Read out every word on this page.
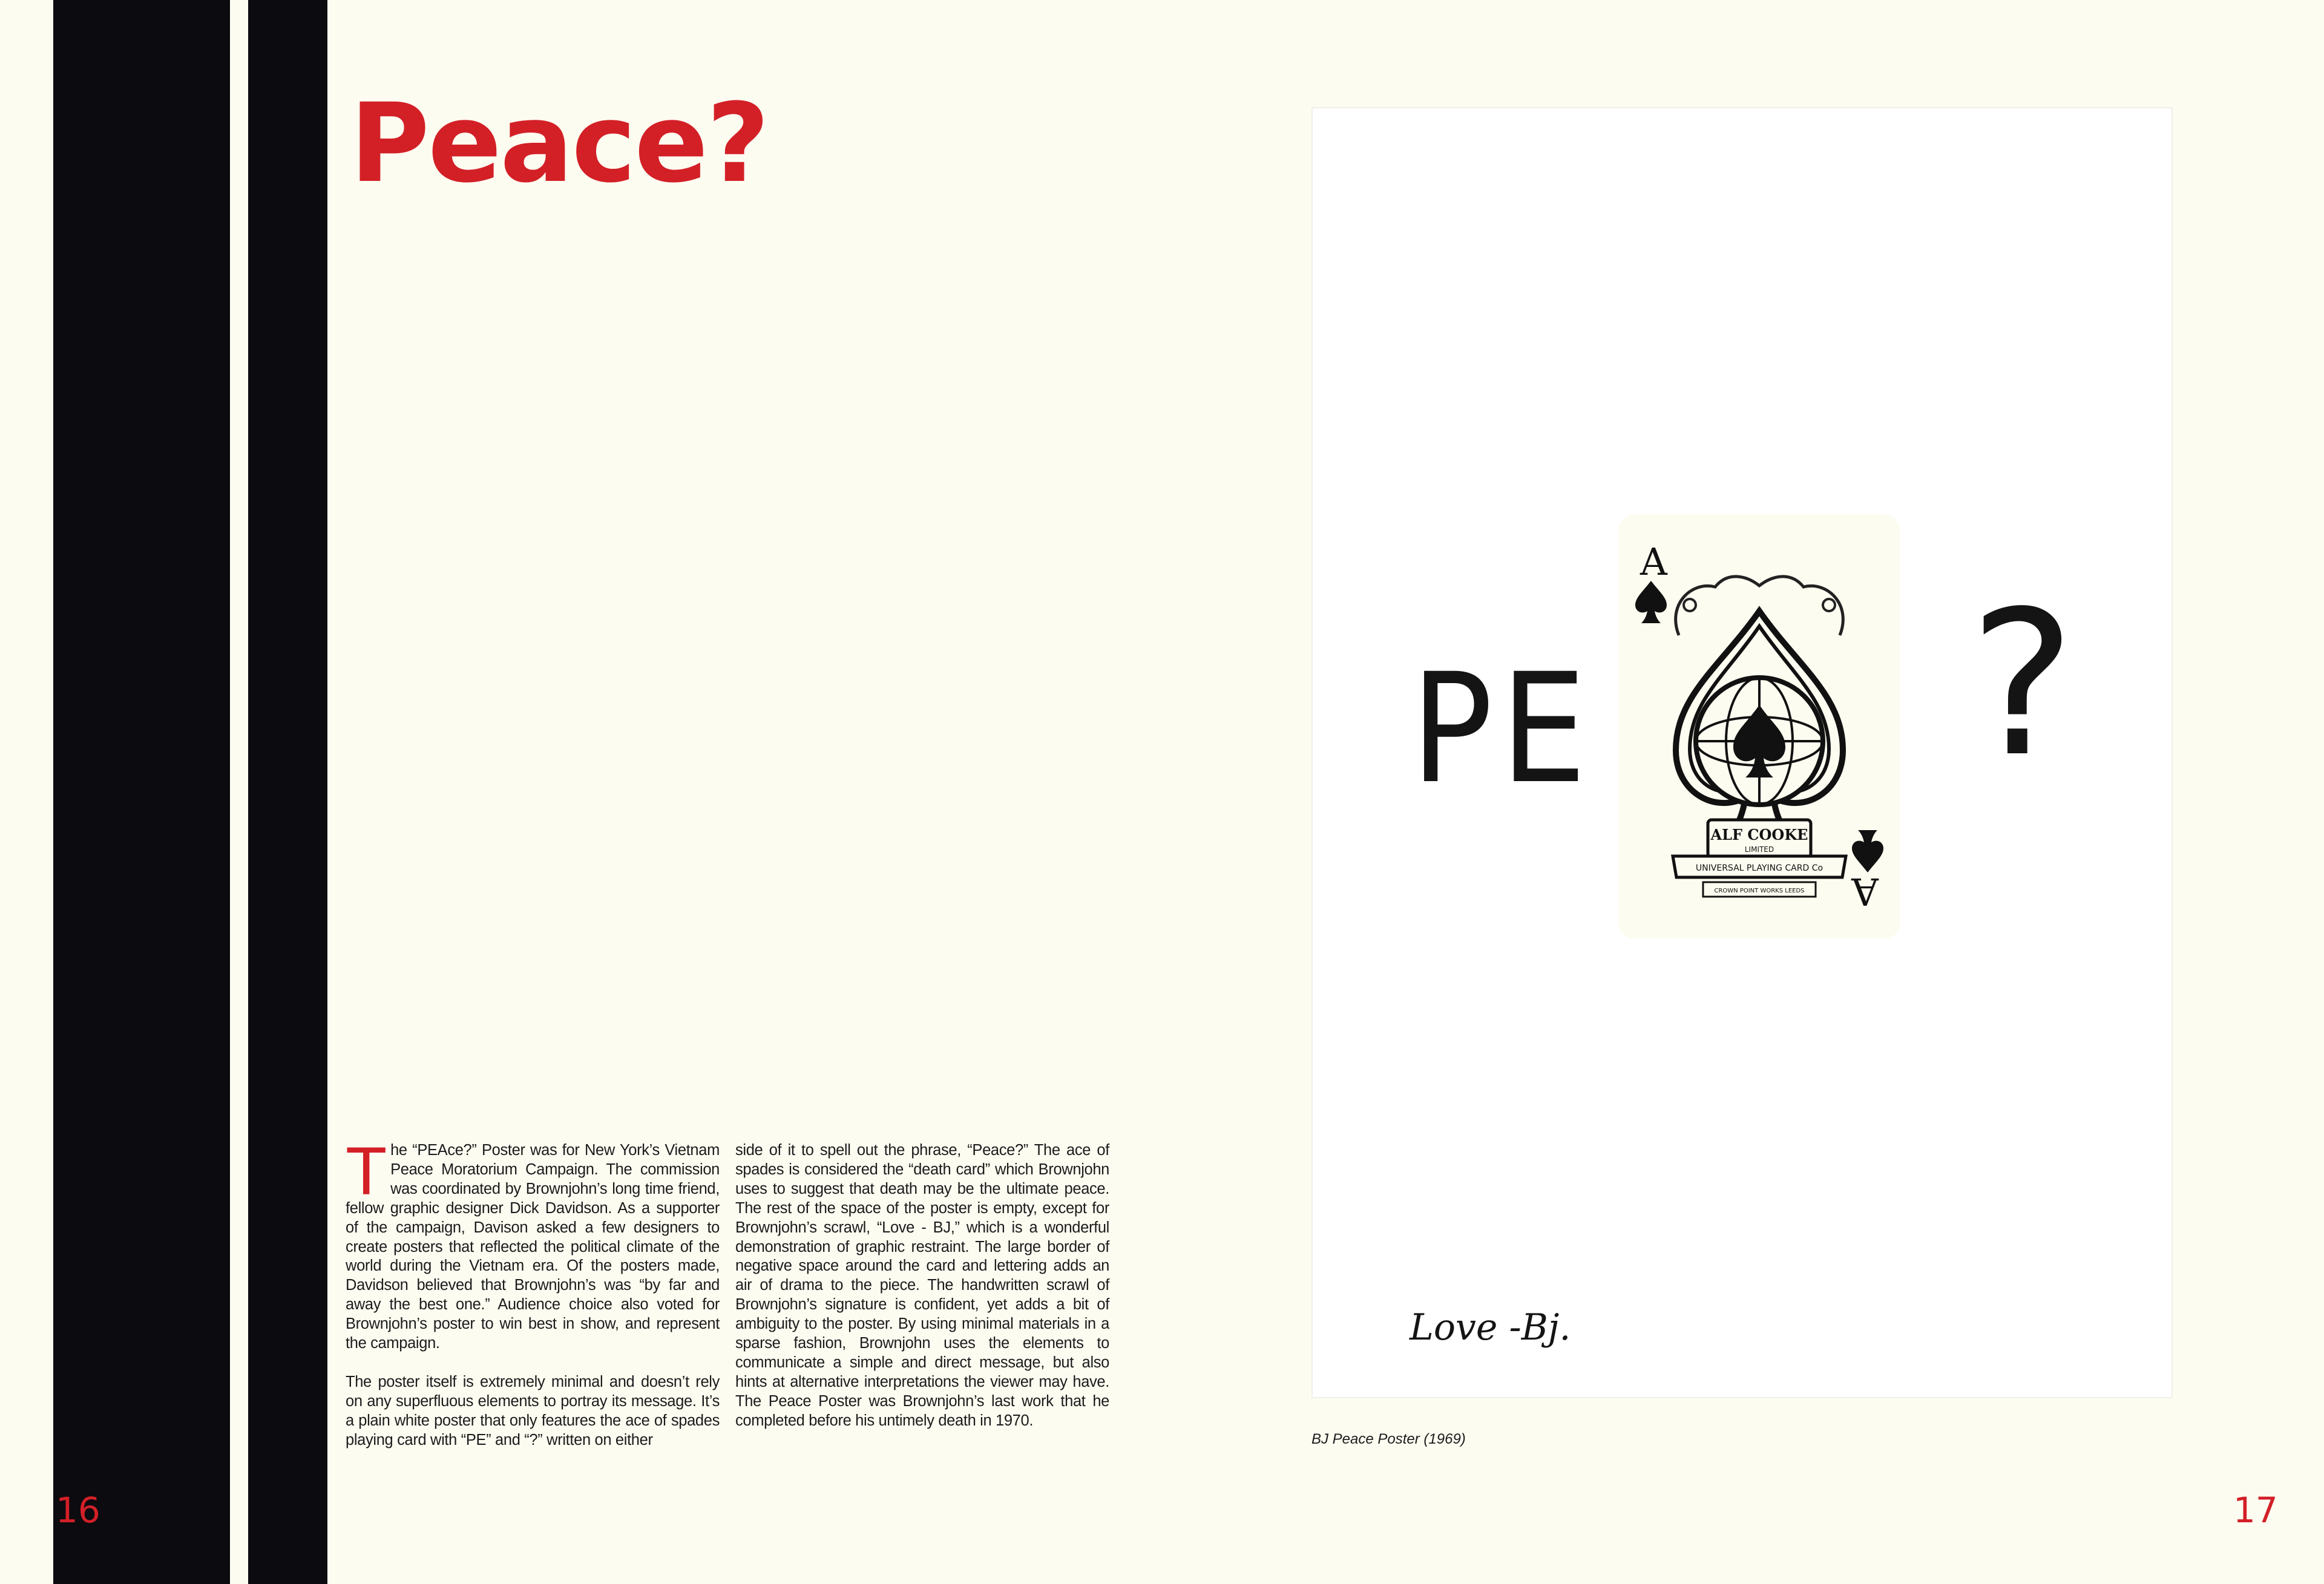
Peace?

The “PEAce?” Poster was for New York’s Vietnam Peace Moratorium Campaign. The commission was coordinated by Brownjohn’s long time friend, fellow graphic designer Dick Davidson. As a supporter of the campaign, Davison asked a few designers to create posters that reflected the political climate of the world during the Vietnam era. Of the posters made, Davidson believed that Brownjohn’s was “by far and away the best one.” Audience choice also voted for Brownjohn’s poster to win best in show, and represent the campaign.

The poster itself is extremely minimal and doesn’t rely on any superfluous elements to portray its message. It’s a plain white poster that only features the ace of spades playing card with “PE” and “?” written on either

side of it to spell out the phrase, “Peace?” The ace of spades is considered the “death card” which Brownjohn uses to suggest that death may be the ultimate peace. The rest of the space of the poster is empty, except for Brownjohn’s scrawl, “Love - BJ,” which is a wonderful demonstration of graphic restraint. The large border of negative space around the card and lettering adds an air of drama to the piece. The handwritten scrawl of Brownjohn’s signature is confident, yet adds a bit of ambiguity to the poster. By using minimal materials in a sparse fashion, Brownjohn uses the elements to communicate a simple and direct message, but also hints at alternative interpretations the viewer may have. The Peace Poster was Brownjohn’s last work that he completed before his untimely death in 1970.

PE ?
A
A
ALF COOKE
LIMITED
UNIVERSAL PLAYING CARD Co
CROWN POINT WORKS LEEDS
Love -Bj.

BJ Peace Poster (1969)

16	17
